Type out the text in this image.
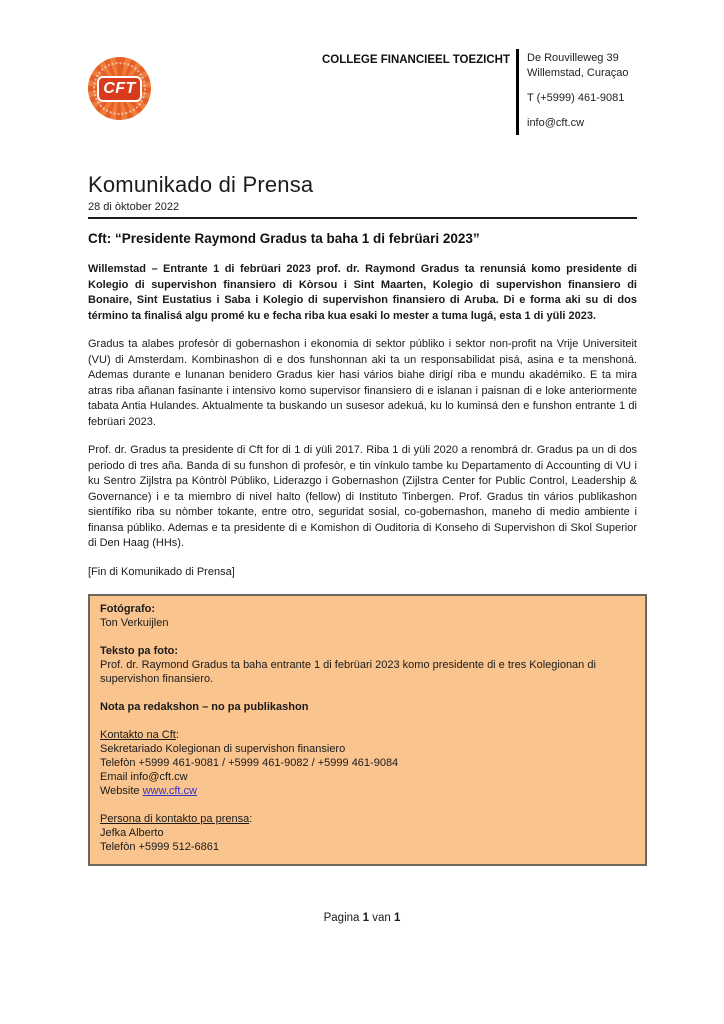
CFT
COLLEGE FINANCIEEL TOEZICHT De Rouvilleweg 39
Willemstad, Curaçao
T (+5999) 461-9081
info@cft.cw
Komunikado di Prensa
28 di òktober 2022
Cft: “Presidente Raymond Gradus ta baha 1 di febrüari 2023”

Willemstad – Entrante 1 di febrüari 2023 prof. dr. Raymond Gradus ta renunsiá komo presidente di Kolegio di supervishon finansiero di Kòrsou i Sint Maarten, Kolegio di supervishon finansiero di Bonaire, Sint Eustatius i Saba i Kolegio di supervishon finansiero di Aruba. Di e forma aki su di dos término ta finalisá algu promé ku e fecha riba kua esaki lo mester a tuma lugá, esta 1 di yüli 2023.

Gradus ta alabes profesòr di gobernashon i ekonomia di sektor públiko i sektor non-profit na Vrije Universiteit (VU) di Amsterdam. Kombinashon di e dos funshonnan aki ta un responsabilidat pisá, asina e ta menshoná. Ademas durante e lunanan benidero Gradus kier hasi vários biahe dirigí riba e mundu akadémiko. E ta mira atras riba añanan fasinante i intensivo komo supervisor finansiero di e islanan i paisnan di e loke anteriormente tabata Antia Hulandes. Aktualmente ta buskando un susesor adekuá, ku lo kuminsá den e funshon entrante 1 di febrüari 2023.

Prof. dr. Gradus ta presidente di Cft for di 1 di yüli 2017. Riba 1 di yüli 2020 a renombrá dr. Gradus pa un di dos periodo di tres aña. Banda di su funshon di profesòr, e tin vínkulo tambe ku Departamento di Accounting di VU i ku Sentro Zijlstra pa Kòntròl Públiko, Liderazgo i Gobernashon (Zijlstra Center for Public Control, Leadership & Governance) i e ta miembro di nivel halto (fellow) di Instituto Tinbergen. Prof. Gradus tin vários publikashon sientífiko riba su nòmber tokante, entre otro, seguridat sosial, co-gobernashon, maneho di medio ambiente i finansa públiko. Ademas e ta presidente di e Komishon di Ouditoria di Konseho di Supervishon di Skol Superior di Den Haag (HHs).

[Fin di Komunikado di Prensa]

Fotógrafo:
Ton Verkuijlen
Teksto pa foto:
Prof. dr. Raymond Gradus ta baha entrante 1 di febrüari 2023 komo presidente di e tres Kolegionan di supervishon finansiero.
Nota pa redakshon – no pa publikashon
Kontakto na Cft:
Sekretariado Kolegionan di supervishon finansiero
Telefòn +5999 461-9081 / +5999 461-9082 / +5999 461-9084
Email info@cft.cw
Website www.cft.cw
Persona di kontakto pa prensa:
Jefka Alberto
Telefòn +5999 512-6861
Pagina 1 van 1
